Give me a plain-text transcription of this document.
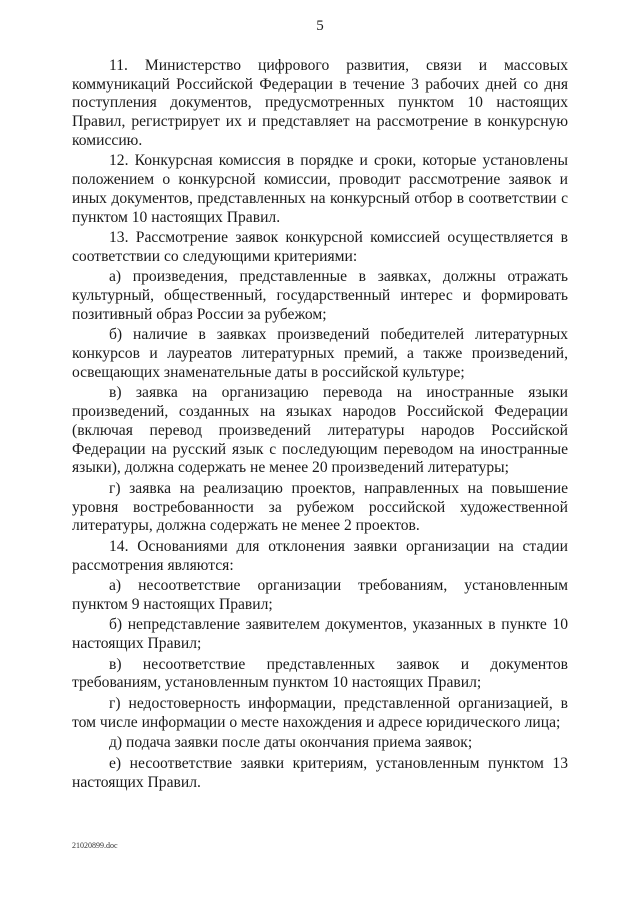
5

11. Министерство цифрового развития, связи и массовых коммуникаций Российской Федерации в течение 3 рабочих дней со дня поступления документов, предусмотренных пунктом 10 настоящих Правил, регистрирует их и представляет на рассмотрение в конкурсную комиссию.

12. Конкурсная комиссия в порядке и сроки, которые установлены положением о конкурсной комиссии, проводит рассмотрение заявок и иных документов, представленных на конкурсный отбор в соответствии с пунктом 10 настоящих Правил.

13. Рассмотрение заявок конкурсной комиссией осуществляется в соответствии со следующими критериями:

а) произведения, представленные в заявках, должны отражать культурный, общественный, государственный интерес и формировать позитивный образ России за рубежом;

б) наличие в заявках произведений победителей литературных конкурсов и лауреатов литературных премий, а также произведений, освещающих знаменательные даты в российской культуре;

в) заявка на организацию перевода на иностранные языки произведений, созданных на языках народов Российской Федерации (включая перевод произведений литературы народов Российской Федерации на русский язык с последующим переводом на иностранные языки), должна содержать не менее 20 произведений литературы;

г) заявка на реализацию проектов, направленных на повышение уровня востребованности за рубежом российской художественной литературы, должна содержать не менее 2 проектов.

14. Основаниями для отклонения заявки организации на стадии рассмотрения являются:

а) несоответствие организации требованиям, установленным пунктом 9 настоящих Правил;

б) непредставление заявителем документов, указанных в пункте 10 настоящих Правил;

в) несоответствие представленных заявок и документов требованиям, установленным пунктом 10 настоящих Правил;

г) недостоверность информации, представленной организацией, в том числе информации о месте нахождения и адресе юридического лица;

д) подача заявки после даты окончания приема заявок;

е) несоответствие заявки критериям, установленным пунктом 13 настоящих Правил.

21020899.doc
